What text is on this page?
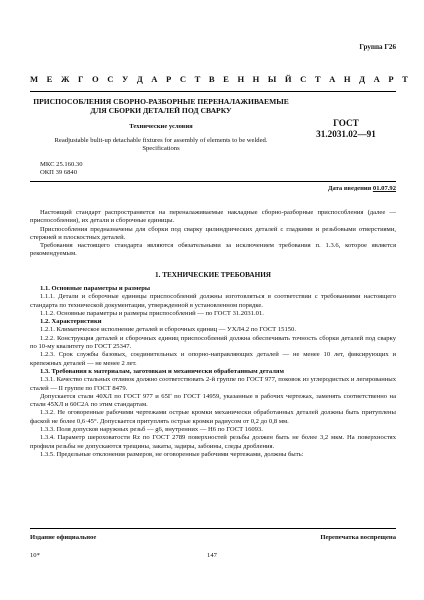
Группа Г26
М Е Ж Г О С У Д А Р С Т В Е Н Н Ы Й С Т А Н Д А Р Т
ПРИСПОСОБЛЕНИЯ СБОРНО-РАЗБОРНЫЕ ПЕРЕНАЛАЖИВАЕМЫЕ
ДЛЯ СБОРКИ ДЕТАЛЕЙ ПОД СВАРКУ
Технические условия	ГОСТ
31.2031.02—91
Readjustable bulit-up detachable fixtures for assembly of elements to be welded.
Specifications
МКС 25.160.30
ОКП 39 6840
Дата введения 01.07.92

Настоящий стандарт распространяется на переналаживаемые накладные сборно-разборные приспособления (далее — приспособления), их детали и сборочные единицы.

Приспособления предназначены для сборки под сварку цилиндрических деталей с гладкими и резьбовыми отверстиями, стержней и плоскостных деталей.

Требования настоящего стандарта являются обязательными за исключением требования п. 1.3.6, которое является рекомендуемым.

1. ТЕХНИЧЕСКИЕ ТРЕБОВАНИЯ

1.1. Основные параметры и размеры

1.1.1. Детали и сборочные единицы приспособлений должны изготовляться в соответствии с требованиями настоящего стандарта по технической документации, утвержденной в установленном порядке.

1.1.2. Основные параметры и размеры приспособлений — по ГОСТ 31.2031.01.

1.2. Характеристики

1.2.1. Климатическое исполнение деталей и сборочных единиц — УХЛ4.2 по ГОСТ 15150.

1.2.2. Конструкция деталей и сборочных единиц приспособлений должна обеспечивать точность сборки деталей под сварку по 10-му квалитету по ГОСТ 25347.

1.2.3. Срок службы базовых, соединительных и опорно-направляющих деталей — не менее 10 лет, фиксирующих и крепежных деталей — не менее 2 лет.

1.3. Требования к материалам, заготовкам и механически обработанным деталям

1.3.1. Качество стальных отливок должно соответствовать 2-й группе по ГОСТ 977, поковок из углеродистых и легированных сталей — II группе по ГОСТ 8479.

Допускается стали 40ХЛ по ГОСТ 977 и 65Г по ГОСТ 14959, указанные в рабочих чертежах, заменять соответственно на стали 45ХЛ и 60С2А по этим стандартам.

1.3.2. Не оговоренные рабочими чертежами острые кромки механически обработанных деталей должны быть притуплены фаской не более 0,6·45°. Допускается притуплять острые кромки радиусом от 0,2 до 0,8 мм.

1.3.3. Поля допусков наружных резьб — g6, внутренних — H6 по ГОСТ 16093.

1.3.4. Параметр шероховатости Rz по ГОСТ 2789 поверхностей резьбы должен быть не более 3,2 мкм. На поверхностях профиля резьбы не допускаются трещины, закаты, задиры, забоины, следы дробления.

1.3.5. Предельные отклонения размеров, не оговоренные рабочими чертежами, должны быть:

Издание официальное	Перепечатка воспрещена
10*	147
